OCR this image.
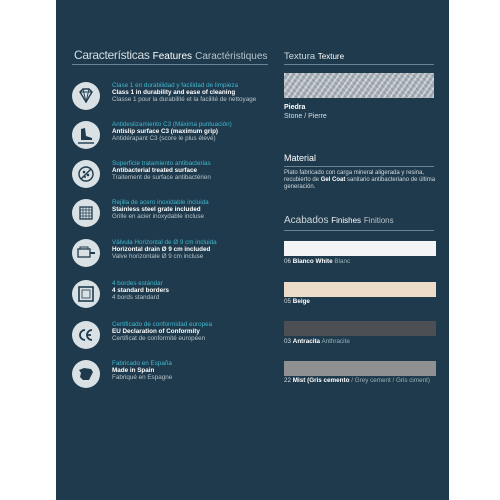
Características Features Caractéristiques
Clase 1 en durabilidad y facilidad de limpieza
Class 1 in durability and ease of cleaning
Classe 1 pour la durabilité et la facilité de nettoyage
Antideslizamiento C3 (Máxima puntuación)
Antislip surface C3 (maximum grip)
Antidérapant C3 (score le plus élevé)
Superficie tratamiento antibacterias
Antibacterial treated surface
Traitement de surface antibactérien
Rejilla de acero inoxidable incluida
Stainless steel grate included
Grille en acier inoxydable incluse
Válvula Horizontal de Ø 9 cm incluida
Horizontal drain Ø 9 cm included
Valve horizontale Ø 9 cm incluse
4 bordes estándar
4 standard borders
4 bords standard
Certificado de conformidad europea
EU Declaration of Conformity
Certificat de conformité européen
Fabricado en España
Made in Spain
Fabriqué en Espagne
Textura Texture
Piedra
Stone / Pierre
Material
Plato fabricado con carga mineral aligerada y resina, recubierto de Gel Coat sanitario antibacteriano de última generación.
Acabados Finishes Finitions
06 Blanco White Blanc
05 Beige
03 Antracita Anthracite
22 Mist (Gris cemento / Grey cement / Gris ciment)
